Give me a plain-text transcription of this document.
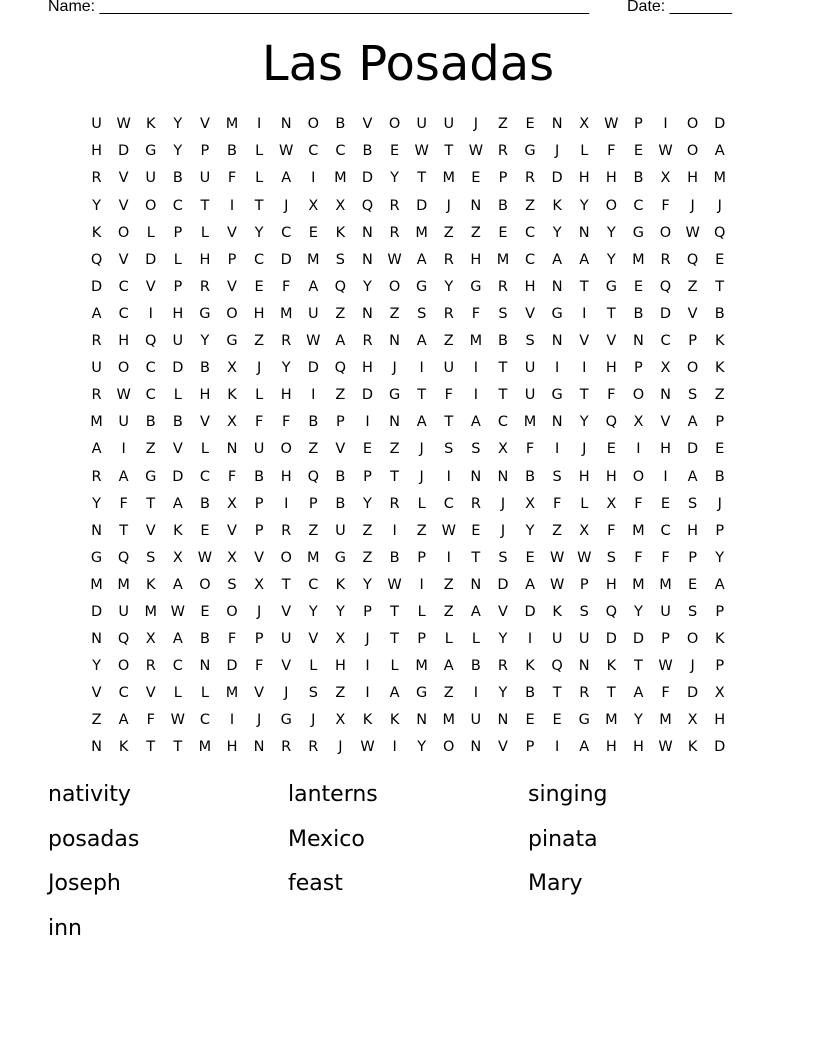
Name: _______________________________________________________ Date: _______
Las Posadas
U	W	K	Y	V	M	I	N	O	B	V	O	U	U	J	Z	E	N	X	W	P	I	O	D
H	D	G	Y	P	B	L	W	C	C	B	E	W	T	W	R	G	J	L	F	E	W O	A
R	V	U	B	U	F	L	A	I	M	D	Y	T	M	E	P	R	D	H	H	B	X	H	M
Y	V	O	C	T	I	T	J	X	X	Q	R	D	J	N	B	Z	K	Y	O	C	F	J	J
K	O	L	P	L	V	Y	C	E	K	N	R	M	Z	Z	E	C	Y	N	Y	G	O W Q
Q	V	D	L	H	P	C	D	M	S	N	W	A	R	H	M	C	A	A	Y	M	R	Q	E
D	C	V	P	R	V	E	F	A	Q	Y	O	G	Y	G	R	H	N	T	G	E	Q	Z	T
A	C	I	H	G	O	H	M	U	Z	N	Z	S	R	F	S	V	G	I	T	B	D	V	B
R	H	Q	U	Y	G	Z	R	W	A	R	N	A	Z	M	B	S	N	V	V	N	C	P	K
U	O	C	D	B	X	J	Y	D	Q	H	J	I	U	I	T	U	I	I	H	P	X	O	K
R	W	C	L	H	K	L	H	I	Z	D	G	T	F	I	T	U	G	T	F	O	N	S	Z
M	U	B	B	V	X	F	F	B	P	I	N	A	T	A	C	M	N	Y	Q	X	V	A	P
A	I	Z	V	L	N	U	O	Z	V	E	Z	J	S	S	X	F	I	J	E	I	H	D	E
R	A	G	D	C	F	B	H	Q	B	P	T	J	I	N	N	B	S	H	H	O	I	A	B
Y	F	T	A	B	X	P	I	P	B	Y	R	L	C	R	J	X	F	L	X	F	E	S	J
N	T	V	K	E	V	P	R	Z	U	Z	I	Z	W	E	J	Y	Z	X	F	M	C	H	P
G	Q	S	X	W	X	V	O	M	G	Z	B	P	I	T	S	E	W W	S	F	F	P	Y
M	M	K	A	O	S	X	T	C	K	Y	W	I	Z	N	D	A	W	P	H	M	M	E	A
D	U	M W	E	O	J	V	Y	Y	P	T	L	Z	A	V	D	K	S	Q	Y	U	S	P
N	Q	X	A	B	F	P	U	V	X	J	T	P	L	L	Y	I	U	U	D	D	P	O	K
Y	O	R	C	N	D	F	V	L	H	I	L	M	A	B	R	K	Q	N	K	T	W	J	P
V	C	V	L	L	M	V	J	S	Z	I	A	G	Z	I	Y	B	T	R	T	A	F	D	X
Z	A	F	W	C	I	J	G	J	X	K	K	N	M	U	N	E	E	G	M	Y	M	X	H
N	K	T	T	M	H	N	R	R	J	W	I	Y	O	N	V	P	I	A	H	H W	K	D
nativity	lanterns	singing
posadas	Mexico	pinata
Joseph	feast	Mary
inn
